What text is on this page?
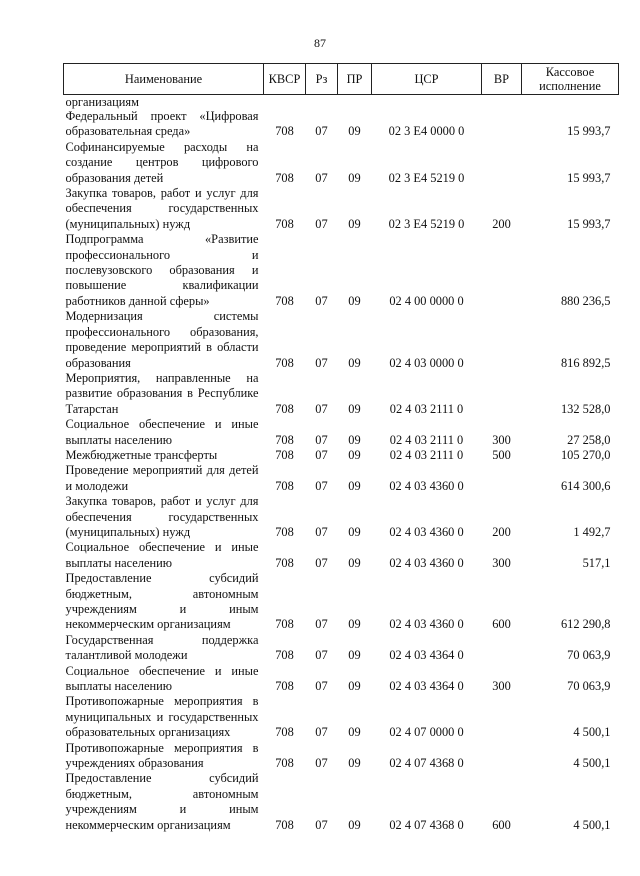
87
Наименование	КВСР	Рз	ПР	ЦСР	ВР	Кассовое исполнение
организациям						
Федеральный проект «Цифровая образовательная среда»	708	07	09	02 3 E4 0000 0		15 993,7
Софинансируемые расходы на создание центров цифрового образования детей	708	07	09	02 3 E4 5219 0		15 993,7
Закупка товаров, работ и услуг для обеспечения государственных (муниципальных) нужд	708	07	09	02 3 E4 5219 0	200	15 993,7
Подпрограмма «Развитие профессионального и послевузовского образования и повышение квалификации работников данной сферы»	708	07	09	02 4 00 0000 0		880 236,5
Модернизация системы профессионального образования, проведение мероприятий в области образования	708	07	09	02 4 03 0000 0		816 892,5
Мероприятия, направленные на развитие образования в Республике Татарстан	708	07	09	02 4 03 2111 0		132 528,0
Социальное обеспечение и иные выплаты населению	708	07	09	02 4 03 2111 0	300	27 258,0
Межбюджетные трансферты	708	07	09	02 4 03 2111 0	500	105 270,0
Проведение мероприятий для детей и молодежи	708	07	09	02 4 03 4360 0		614 300,6
Закупка товаров, работ и услуг для обеспечения государственных (муниципальных) нужд	708	07	09	02 4 03 4360 0	200	1 492,7
Социальное обеспечение и иные выплаты населению	708	07	09	02 4 03 4360 0	300	517,1
Предоставление субсидий бюджетным, автономным учреждениям и иным некоммерческим организациям	708	07	09	02 4 03 4360 0	600	612 290,8
Государственная поддержка талантливой молодежи	708	07	09	02 4 03 4364 0		70 063,9
Социальное обеспечение и иные выплаты населению	708	07	09	02 4 03 4364 0	300	70 063,9
Противопожарные мероприятия в муниципальных и государственных образовательных организациях	708	07	09	02 4 07 0000 0		4 500,1
Противопожарные мероприятия в учреждениях образования	708	07	09	02 4 07 4368 0		4 500,1
Предоставление субсидий бюджетным, автономным учреждениям и иным некоммерческим организациям	708	07	09	02 4 07 4368 0	600	4 500,1
